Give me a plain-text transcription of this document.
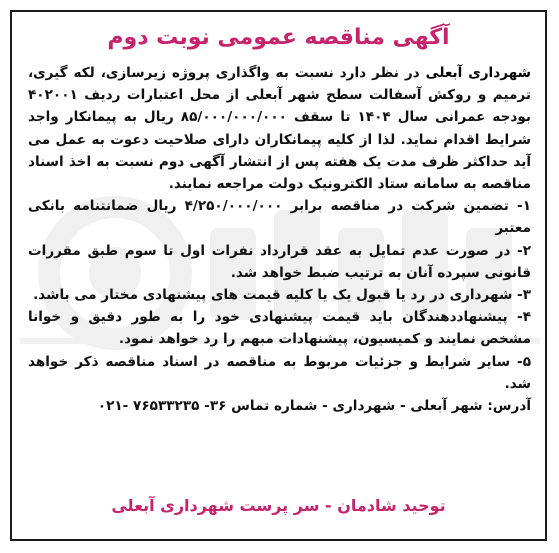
آگهی مناقصه عمومی نوبت دوم

شهرداری آبعلی در نظر دارد نسبت به واگذاری پروژه زیرسازی، لکه گیری، ترمیم و روکش آسفالت سطح شهر آبعلی از محل اعتبارات ردیف ۴۰۲۰۰۱ بودجه عمرانی سال ۱۴۰۴ تا سقف ۸۵/۰۰۰/۰۰۰/۰۰۰ ریال به پیمانکار واجد شرایط اقدام نماید. لذا از کلیه پیمانکاران دارای صلاحیت دعوت به عمل می آید حداکثر ظرف مدت یک هفته پس از انتشار آگهی دوم نسبت به اخذ اسناد مناقصه به سامانه ستاد الکترونیک دولت مراجعه نمایند.

۱- تضمین شرکت در مناقصه برابر ۴/۲۵۰/۰۰۰/۰۰۰ ریال ضمانتنامه بانکی معتبر

۲- در صورت عدم تمایل به عقد قرارداد نفرات اول تا سوم طبق مقررات قانونی سپرده آنان به ترتیب ضبط خواهد شد.

۳- شهرداری در رد یا قبول یک یا کلیه قیمت های پیشنهادی مختار می باشد.

۴- پیشنهاددهندگان باید قیمت پیشنهادی خود را به طور دقیق و خوانا مشخص نمایند و کمیسیون، پیشنهادات مبهم را رد خواهد نمود.

۵- سایر شرایط و جزئیات مربوط به مناقصه در اسناد مناقصه ذکر خواهد شد.

آدرس: شهر آبعلی - شهرداری - شماره تماس ۳۶- ۷۶۵۳۳۲۳۵ -۰۲۱

توحید شادمان - سر پرست شهرداری آبعلی
